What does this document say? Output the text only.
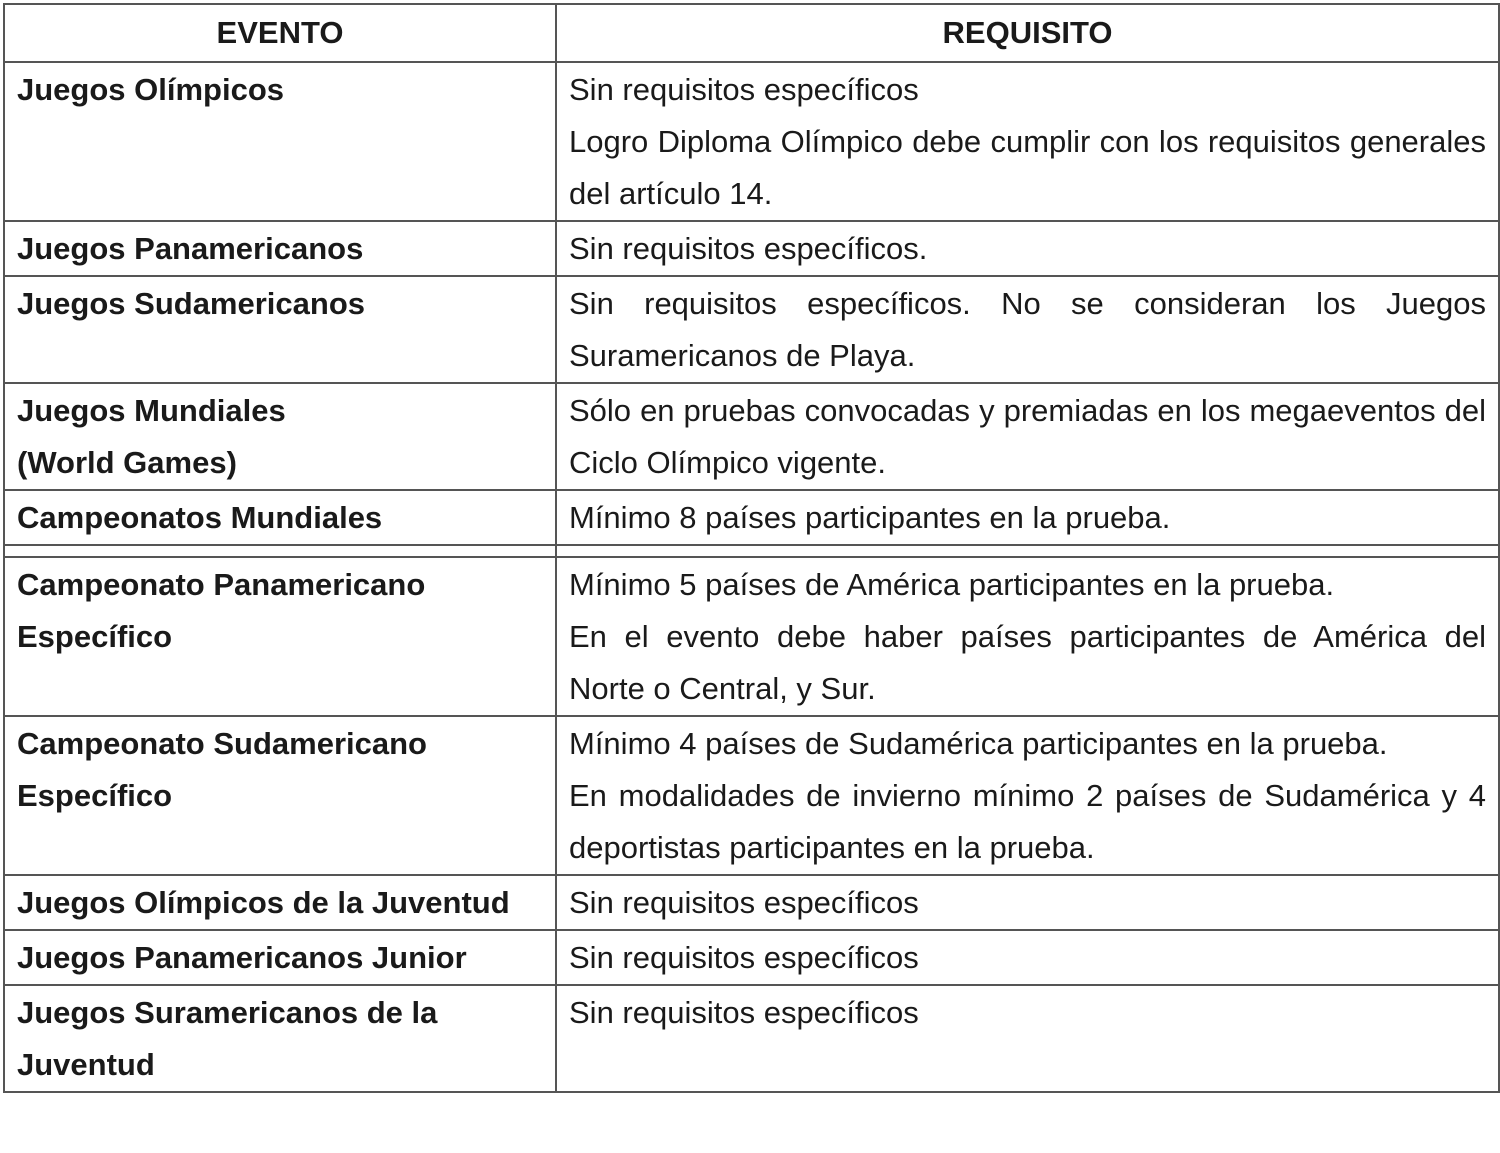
EVENTO	REQUISITO

Juegos Olímpicos	Sin requisitos específicos
Logro Diploma Olímpico debe cumplir con los requisitos generales del artículo 14.

Juegos Panamericanos	Sin requisitos específicos.

Juegos Sudamericanos	Sin requisitos específicos. No se consideran los Juegos Suramericanos de Playa.

Juegos Mundiales
(World Games)	Sólo en pruebas convocadas y premiadas en los megaeventos del Ciclo Olímpico vigente.

Campeonatos Mundiales	Mínimo 8 países participantes en la prueba.

Campeonato Panamericano
Específico	Mínimo 5 países de América participantes en la prueba.
En el evento debe haber países participantes de América del Norte o Central, y Sur.

Campeonato Sudamericano
Específico	Mínimo 4 países de Sudamérica participantes en la prueba.
En modalidades de invierno mínimo 2 países de Sudamérica y 4 deportistas participantes en la prueba.

Juegos Olímpicos de la Juventud	Sin requisitos específicos

Juegos Panamericanos Junior	Sin requisitos específicos

Juegos Suramericanos de la Juventud	Sin requisitos específicos
